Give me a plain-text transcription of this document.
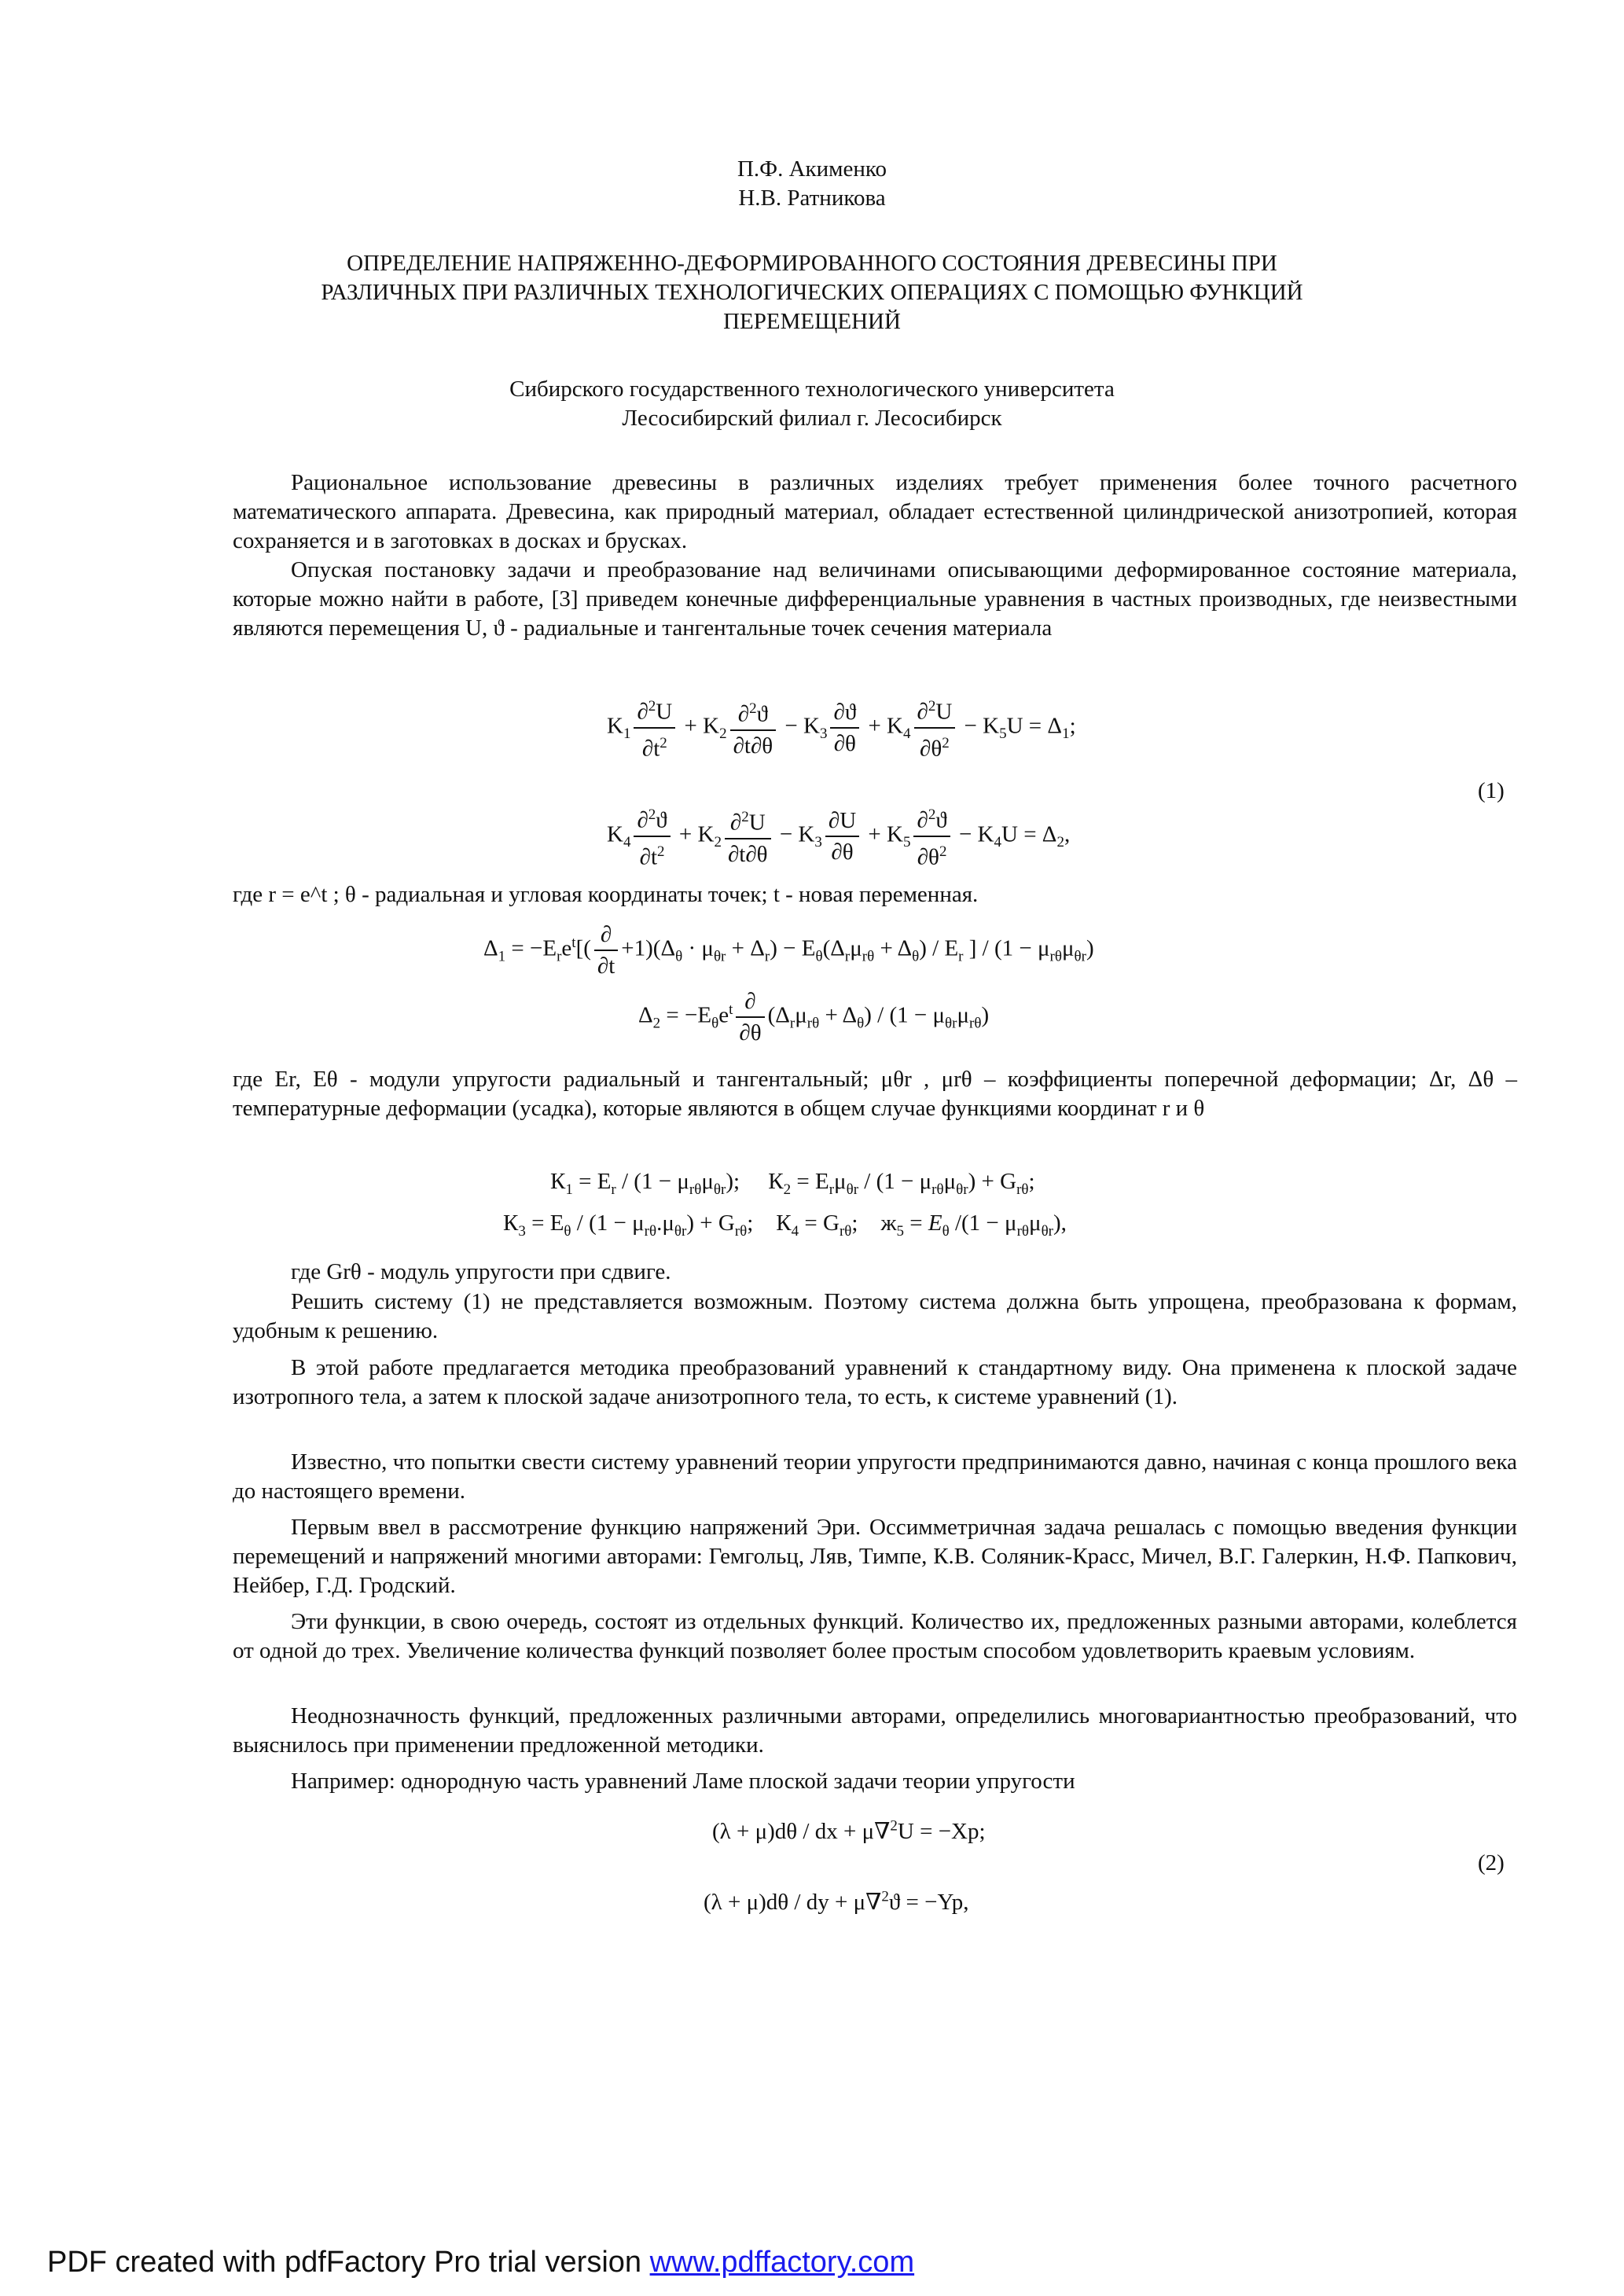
П.Ф. Акименко
Н.В. Ратникова
ОПРЕДЕЛЕНИЕ НАПРЯЖЕННО-ДЕФОРМИРОВАННОГО СОСТОЯНИЯ ДРЕВЕСИНЫ ПРИ
РАЗЛИЧНЫХ ПРИ РАЗЛИЧНЫХ ТЕХНОЛОГИЧЕСКИХ ОПЕРАЦИЯХ С ПОМОЩЬЮ ФУНКЦИЙ
ПЕРЕМЕЩЕНИЙ
Сибирского государственного технологического университета
Лесосибирский филиал г. Лесосибирск
Рациональное использование древесины в различных изделиях требует применения более точного расчетного математического аппарата. Древесина, как природный материал, обладает естественной цилиндрической анизотропией, которая сохраняется и в заготовках в досках и брусках.
Опуская постановку задачи и преобразование над величинами описывающими деформированное состояние материала, которые можно найти в работе, [3] приведем конечные дифференциальные уравнения в частных производных, где неизвестными являются перемещения U, ϑ - радиальные и тангентальные точек сечения материала
$K_1 \frac{\partial^2U}{\partial t^2} + K_2 \frac{\partial^2ϑ}{\partial t\partial\theta} - K_3 \frac{\partial ϑ}{\partial\theta} + K_4 \frac{\partial^2U}{\partial\theta^2} - K_5U = \Delta_1$;
(1)
$K_4 \frac{\partial^2ϑ}{\partial t^2} + K_2 \frac{\partial^2U}{\partial t\partial\theta} - K_3 \frac{\partial U}{\partial\theta} + K_5 \frac{\partial^2ϑ}{\partial\theta^2} - K_4U = \Delta_2$,
где r = e^t ; θ - радиальная и угловая координаты точек; t - новая переменная.
$\Delta_1 = -E_re^t[( \frac{\partial}{\partial t} +1)(\Delta_\theta \cdot \mu_{\theta r} + \Delta_r) - E_\theta(\Delta_r\mu_{r\theta} + \Delta_\theta) / E_r$ ] / $(1 - \mu_{r\theta}\mu_{\theta r})$
$\Delta_2 = -E_\theta e^t \frac{\partial}{\partial\theta} (\Delta_r\mu_{r\theta} + \Delta_\theta) / (1 - \mu_{\theta r}\mu_{r\theta})$
где Er, Eθ - модули упругости радиальный и тангентальный; μθr , μrθ – коэффициенты поперечной деформации; Δr, Δθ – температурные деформации (усадка), которые являются в общем случае функциями координат r и θ
$К_1 = E_r / (1 - \mu_{r\theta}\mu_{\theta r})$;     $К_2 = E_r\mu_{\theta r} / (1 - \mu_{r\theta}\mu_{\theta r}) + G_{r\theta}$;
$К_3 = E_\theta / (1 - \mu_{r\theta}.\mu_{\theta r}) + G_{r\theta}$;    $К_4 = G_{r\theta}$;    $ж_5 = E_\theta$ $/(1 - \mu_{r\theta}\mu_{\theta r})$,
где Grθ - модуль упругости при сдвиге.
Решить систему (1) не представляется возможным. Поэтому система должна быть упрощена, преобразована к формам, удобным к решению.
В этой работе предлагается методика преобразований уравнений к стандартному виду. Она применена к плоской задаче изотропного тела, а затем к плоской задаче анизотропного тела, то есть, к системе уравнений (1).
Известно, что попытки свести систему уравнений теории упругости предпринимаются давно, начиная с конца прошлого века до настоящего времени.
Первым ввел в рассмотрение функцию напряжений Эри. Оссимметричная задача решалась с помощью введения функции перемещений и напряжений многими авторами: Гемгольц, Ляв, Тимпе, К.В. Соляник-Красс, Мичел, В.Г. Галеркин, Н.Ф. Папкович, Нейбер, Г.Д. Гродский.
Эти функции, в свою очередь, состоят из отдельных функций. Количество их, предложенных разными авторами, колеблется от одной до трех. Увеличение количества функций позволяет более простым способом удовлетворить краевым условиям.
Неоднозначность функций, предложенных различными авторами, определились многовариантностью преобразований, что выяснилось при применении предложенной методики.
Например: однородную часть уравнений Ламе плоской задачи теории упругости
(λ + μ)dθ / dx + μ∇$^2$U = −Xp;
(2)
(λ + μ)dθ / dy + μ∇$^2$ϑ = −Yp,
PDF created with pdfFactory Pro trial version www.pdffactory.com
